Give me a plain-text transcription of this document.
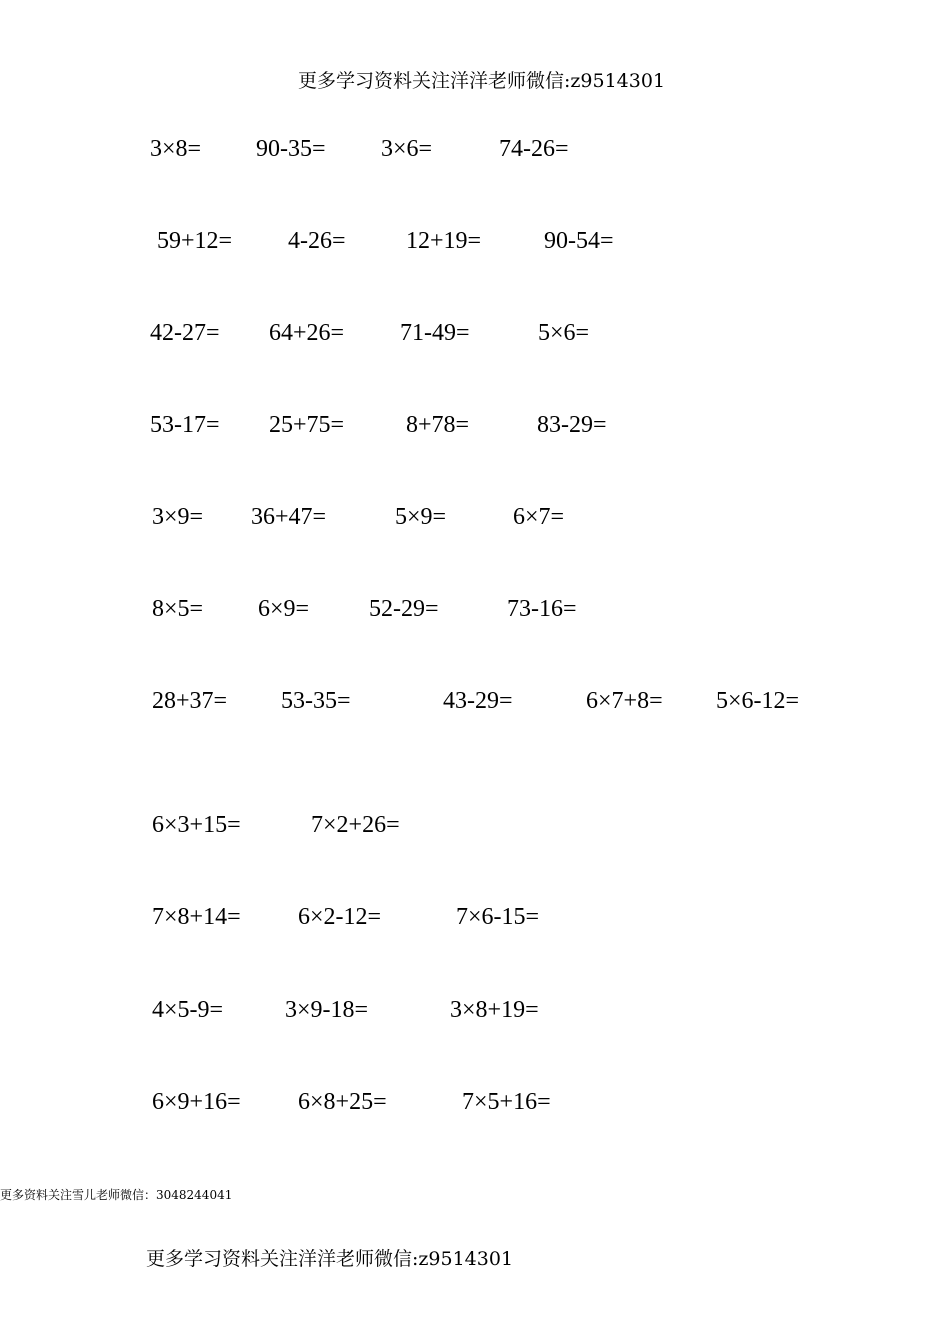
更多学习资料关注洋洋老师微信:z9514301
3×8= 90-35= 3×6=	74-26=
59+12= 4-26=	12+19=	90-54=
42-27= 64+26= 71-49=	5×6=
53-17= 25+75=	8+78=	83-29=
3×9= 36+47=	5×9=	6×7=
8×5= 6×9= 52-29=	73-16=
28+37= 53-35=	43-29=	6×7+8= 5×6-12=
6×3+15=	7×2+26=
7×8+14= 6×2-12=	7×6-15=
4×5-9=	3×9-18=	3×8+19=
6×9+16= 6×8+25=	7×5+16=
更多资料关注雪儿老师微信：3048244041
更多学习资料关注洋洋老师微信:z9514301
